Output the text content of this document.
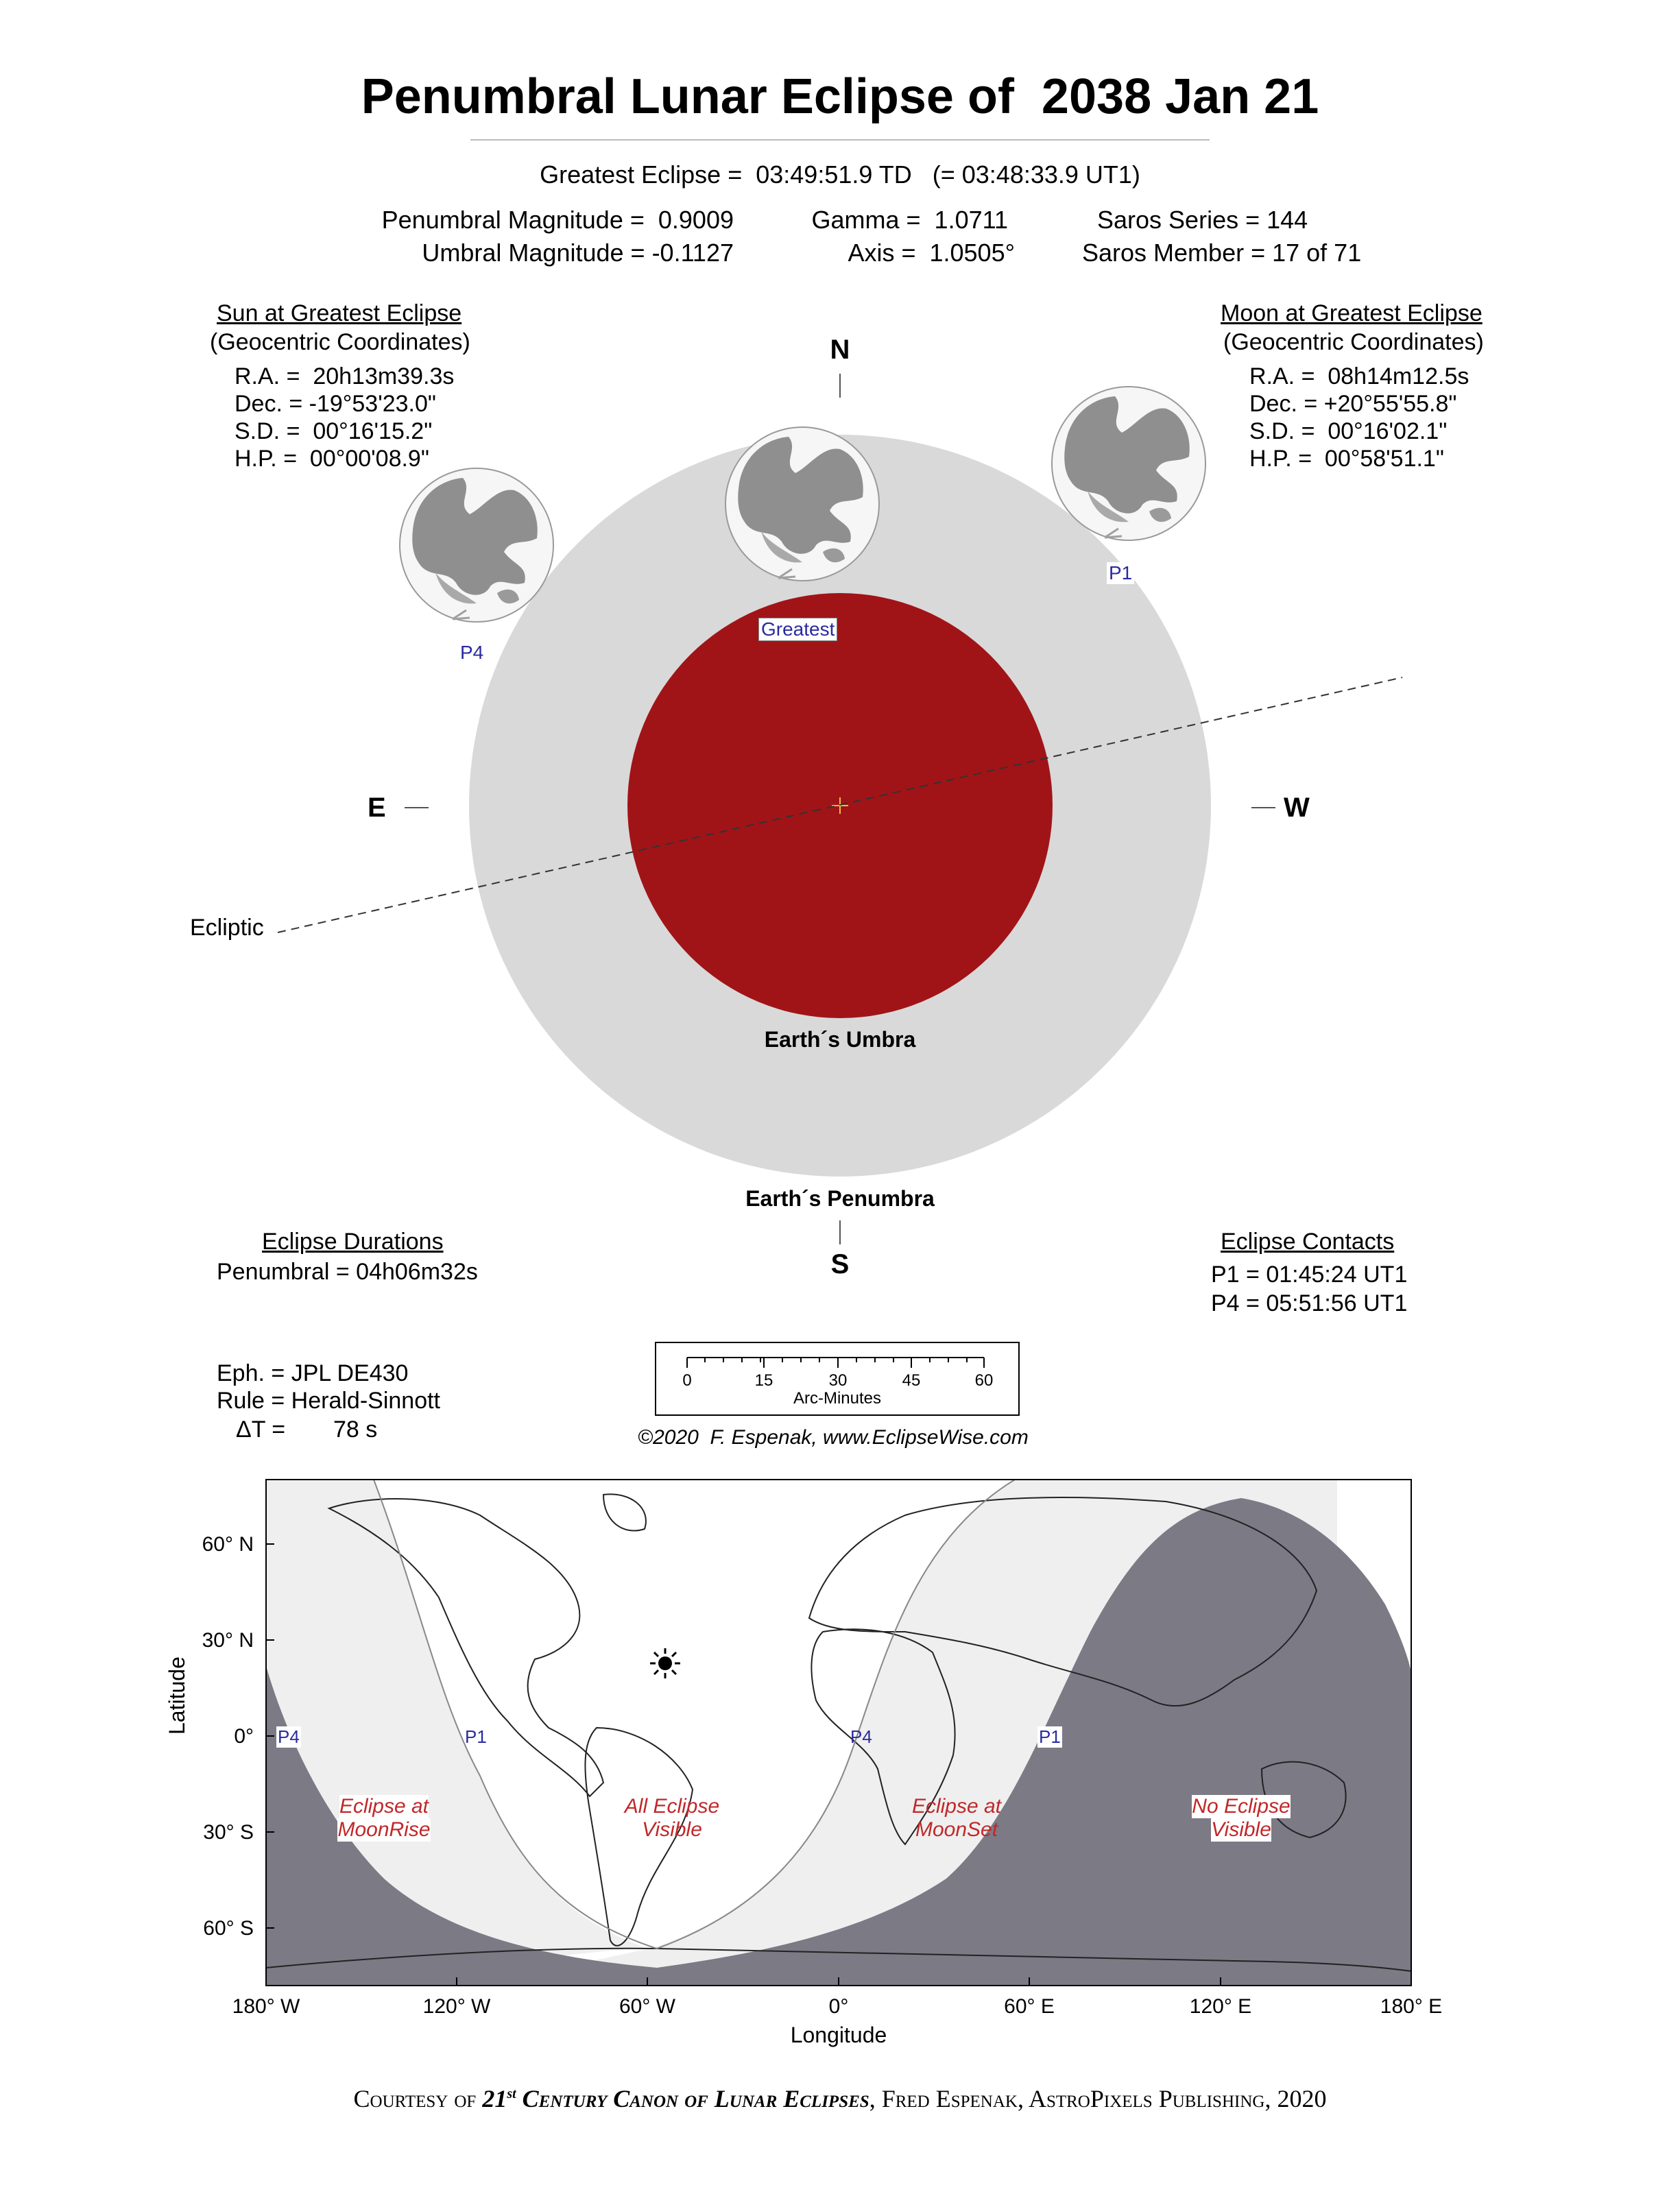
Penumbral Lunar Eclipse of  2038 Jan 21
Greatest Eclipse =  03:49:51.9 TD   (= 03:48:33.9 UT1)
Penumbral Magnitude =  0.9009
Umbral Magnitude = -0.1127
Gamma =  1.0711
Axis =  1.0505°
Saros Series = 144
Saros Member = 17 of 71
Sun at Greatest Eclipse
(Geocentric Coordinates)
R.A. =  20h13m39.3s
Dec. = -19°53'23.0"
S.D. =  00°16'15.2"
H.P. =  00°00'08.9"
Moon at Greatest Eclipse
(Geocentric Coordinates)
R.A. =  08h14m12.5s
Dec. = +20°55'55.8"
S.D. =  00°16'02.1"
H.P. =  00°58'51.1"
N
S
E	W
Ecliptic
Earth´s Umbra
Earth´s Penumbra
Greatest
P1
P4
Eclipse Durations
Penumbral = 04h06m32s
Eclipse Contacts
P1 = 01:45:24 UT1
P4 = 05:51:56 UT1
Eph. = JPL DE430
Rule = Herald-Sinnott
ΔT = 78 s
0	15	30	45	60
Arc-Minutes
©2020  F. Espenak, www.EclipseWise.com
60° N
30° N
0°
30° S
60° S
Latitude
180° W	120° W	60° W	0°	60° E	120° E	180° E
Longitude
P4	P1	P4	P1
Eclipse at
MoonRise
All Eclipse
Visible
Eclipse at
MoonSet
No Eclipse
Visible
Courtesy of 21st Century Canon of Lunar Eclipses, Fred Espenak, AstroPixels Publishing, 2020
